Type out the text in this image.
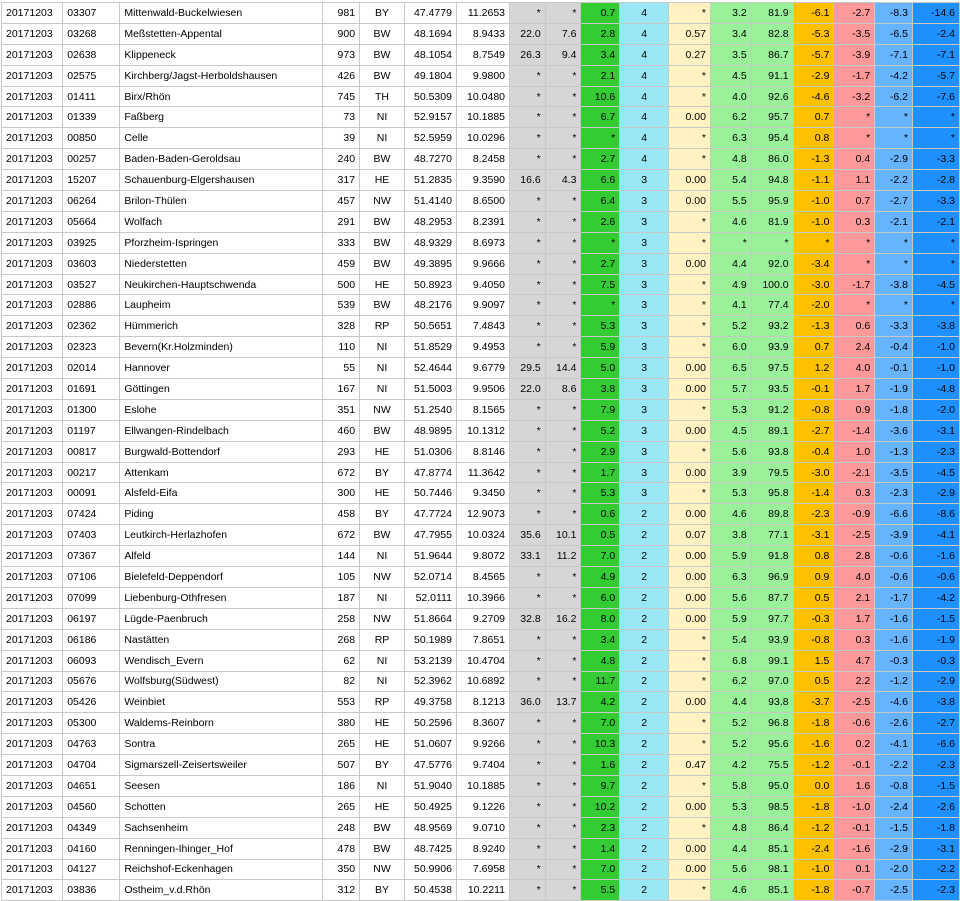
20171203	03307	Mittenwald-Buckelwiesen	981	BY	47.4779	11.2653	*	*	0.7	4	*	3.2	81.9	-6.1	-2.7	-8.3	-14.6
20171203	03268	Meßstetten-Appental	900	BW	48.1694	8.9433	22.0	7.6	2.8	4	0.57	3.4	82.8	-5.3	-3.5	-6.5	-2.4
20171203	02638	Klippeneck	973	BW	48.1054	8.7549	26.3	9.4	3.4	4	0.27	3.5	86.7	-5.7	-3.9	-7.1	-7.1
20171203	02575	Kirchberg/Jagst-Herboldshausen	426	BW	49.1804	9.9800	*	*	2.1	4	*	4.5	91.1	-2.9	-1.7	-4.2	-5.7
20171203	01411	Birx/Rhön	745	TH	50.5309	10.0480	*	*	10.6	4	*	4.0	92.6	-4.6	-3.2	-6.2	-7.6
20171203	01339	Faßberg	73	NI	52.9157	10.1885	*	*	6.7	4	0.00	6.2	95.7	0.7	*	*	*
20171203	00850	Celle	39	NI	52.5959	10.0296	*	*	*	4	*	6.3	95.4	0.8	*	*	*
20171203	00257	Baden-Baden-Geroldsau	240	BW	48.7270	8.2458	*	*	2.7	4	*	4.8	86.0	-1.3	0.4	-2.9	-3.3
20171203	15207	Schauenburg-Elgershausen	317	HE	51.2835	9.3590	16.6	4.3	6.6	3	0.00	5.4	94.8	-1.1	1.1	-2.2	-2.8
20171203	06264	Brilon-Thülen	457	NW	51.4140	8.6500	*	*	6.4	3	0.00	5.5	95.9	-1.0	0.7	-2.7	-3.3
20171203	05664	Wolfach	291	BW	48.2953	8.2391	*	*	2.6	3	*	4.6	81.9	-1.0	0.3	-2.1	-2.1
20171203	03925	Pforzheim-Ispringen	333	BW	48.9329	8.6973	*	*	*	3	*	*	*	*	*	*	*
20171203	03603	Niederstetten	459	BW	49.3895	9.9666	*	*	2.7	3	0.00	4.4	92.0	-3.4	*	*	*
20171203	03527	Neukirchen-Hauptschwenda	500	HE	50.8923	9.4050	*	*	7.5	3	*	4.9	100.0	-3.0	-1.7	-3.8	-4.5
20171203	02886	Laupheim	539	BW	48.2176	9.9097	*	*	*	3	*	4.1	77.4	-2.0	*	*	*
20171203	02362	Hümmerich	328	RP	50.5651	7.4843	*	*	5.3	3	*	5.2	93.2	-1.3	0.6	-3.3	-3.8
20171203	02323	Bevern(Kr.Holzminden)	110	NI	51.8529	9.4953	*	*	5.9	3	*	6.0	93.9	0.7	2.4	-0.4	-1.0
20171203	02014	Hannover	55	NI	52.4644	9.6779	29.5	14.4	5.0	3	0.00	6.5	97.5	1.2	4.0	-0.1	-1.0
20171203	01691	Göttingen	167	NI	51.5003	9.9506	22.0	8.6	3.8	3	0.00	5.7	93.5	-0.1	1.7	-1.9	-4.8
20171203	01300	Eslohe	351	NW	51.2540	8.1565	*	*	7.9	3	*	5.3	91.2	-0.8	0.9	-1.8	-2.0
20171203	01197	Ellwangen-Rindelbach	460	BW	48.9895	10.1312	*	*	5.2	3	0.00	4.5	89.1	-2.7	-1.4	-3.6	-3.1
20171203	00817	Burgwald-Bottendorf	293	HE	51.0306	8.8146	*	*	2.9	3	*	5.6	93.8	-0.4	1.0	-1.3	-2.3
20171203	00217	Attenkam	672	BY	47.8774	11.3642	*	*	1.7	3	0.00	3.9	79.5	-3.0	-2.1	-3.5	-4.5
20171203	00091	Alsfeld-Eifa	300	HE	50.7446	9.3450	*	*	5.3	3	*	5.3	95.8	-1.4	0.3	-2.3	-2.9
20171203	07424	Piding	458	BY	47.7724	12.9073	*	*	0.6	2	0.00	4.6	89.8	-2.3	-0.9	-6.6	-8.6
20171203	07403	Leutkirch-Herlazhofen	672	BW	47.7955	10.0324	35.6	10.1	0.5	2	0.07	3.8	77.1	-3.1	-2.5	-3.9	-4.1
20171203	07367	Alfeld	144	NI	51.9644	9.8072	33.1	11.2	7.0	2	0.00	5.9	91.8	0.8	2.8	-0.6	-1.6
20171203	07106	Bielefeld-Deppendorf	105	NW	52.0714	8.4565	*	*	4.9	2	0.00	6.3	96.9	0.9	4.0	-0.6	-0.6
20171203	07099	Liebenburg-Othfresen	187	NI	52.0111	10.3966	*	*	6.0	2	0.00	5.6	87.7	0.5	2.1	-1.7	-4.2
20171203	06197	Lügde-Paenbruch	258	NW	51.8664	9.2709	32.8	16.2	8.0	2	0.00	5.9	97.7	-0.3	1.7	-1.6	-1.5
20171203	06186	Nastätten	268	RP	50.1989	7.8651	*	*	3.4	2	*	5.4	93.9	-0.8	0.3	-1.6	-1.9
20171203	06093	Wendisch_Evern	62	NI	53.2139	10.4704	*	*	4.8	2	*	6.8	99.1	1.5	4.7	-0.3	-0.3
20171203	05676	Wolfsburg(Südwest)	82	NI	52.3962	10.6892	*	*	11.7	2	*	6.2	97.0	0.5	2.2	-1.2	-2.9
20171203	05426	Weinbiet	553	RP	49.3758	8.1213	36.0	13.7	4.2	2	0.00	4.4	93.8	-3.7	-2.5	-4.6	-3.8
20171203	05300	Waldems-Reinborn	380	HE	50.2596	8.3607	*	*	7.0	2	*	5.2	96.8	-1.8	-0.6	-2.6	-2.7
20171203	04763	Sontra	265	HE	51.0607	9.9266	*	*	10.3	2	*	5.2	95.6	-1.6	0.2	-4.1	-6.6
20171203	04704	Sigmarszell-Zeisertsweiler	507	BY	47.5776	9.7404	*	*	1.6	2	0.47	4.2	75.5	-1.2	-0.1	-2.2	-2.3
20171203	04651	Seesen	186	NI	51.9040	10.1885	*	*	9.7	2	*	5.8	95.0	0.0	1.6	-0.8	-1.5
20171203	04560	Schotten	265	HE	50.4925	9.1226	*	*	10.2	2	0.00	5.3	98.5	-1.8	-1.0	-2.4	-2.6
20171203	04349	Sachsenheim	248	BW	48.9569	9.0710	*	*	2.3	2	*	4.8	86.4	-1.2	-0.1	-1.5	-1.8
20171203	04160	Renningen-Ihinger_Hof	478	BW	48.7425	8.9240	*	*	1.4	2	0.00	4.4	85.1	-2.4	-1.6	-2.9	-3.1
20171203	04127	Reichshof-Eckenhagen	350	NW	50.9906	7.6958	*	*	7.0	2	0.00	5.6	98.1	-1.0	0.1	-2.0	-2.2
20171203	03836	Ostheim_v.d.Rhön	312	BY	50.4538	10.2211	*	*	5.5	2	*	4.6	85.1	-1.8	-0.7	-2.5	-2.3
